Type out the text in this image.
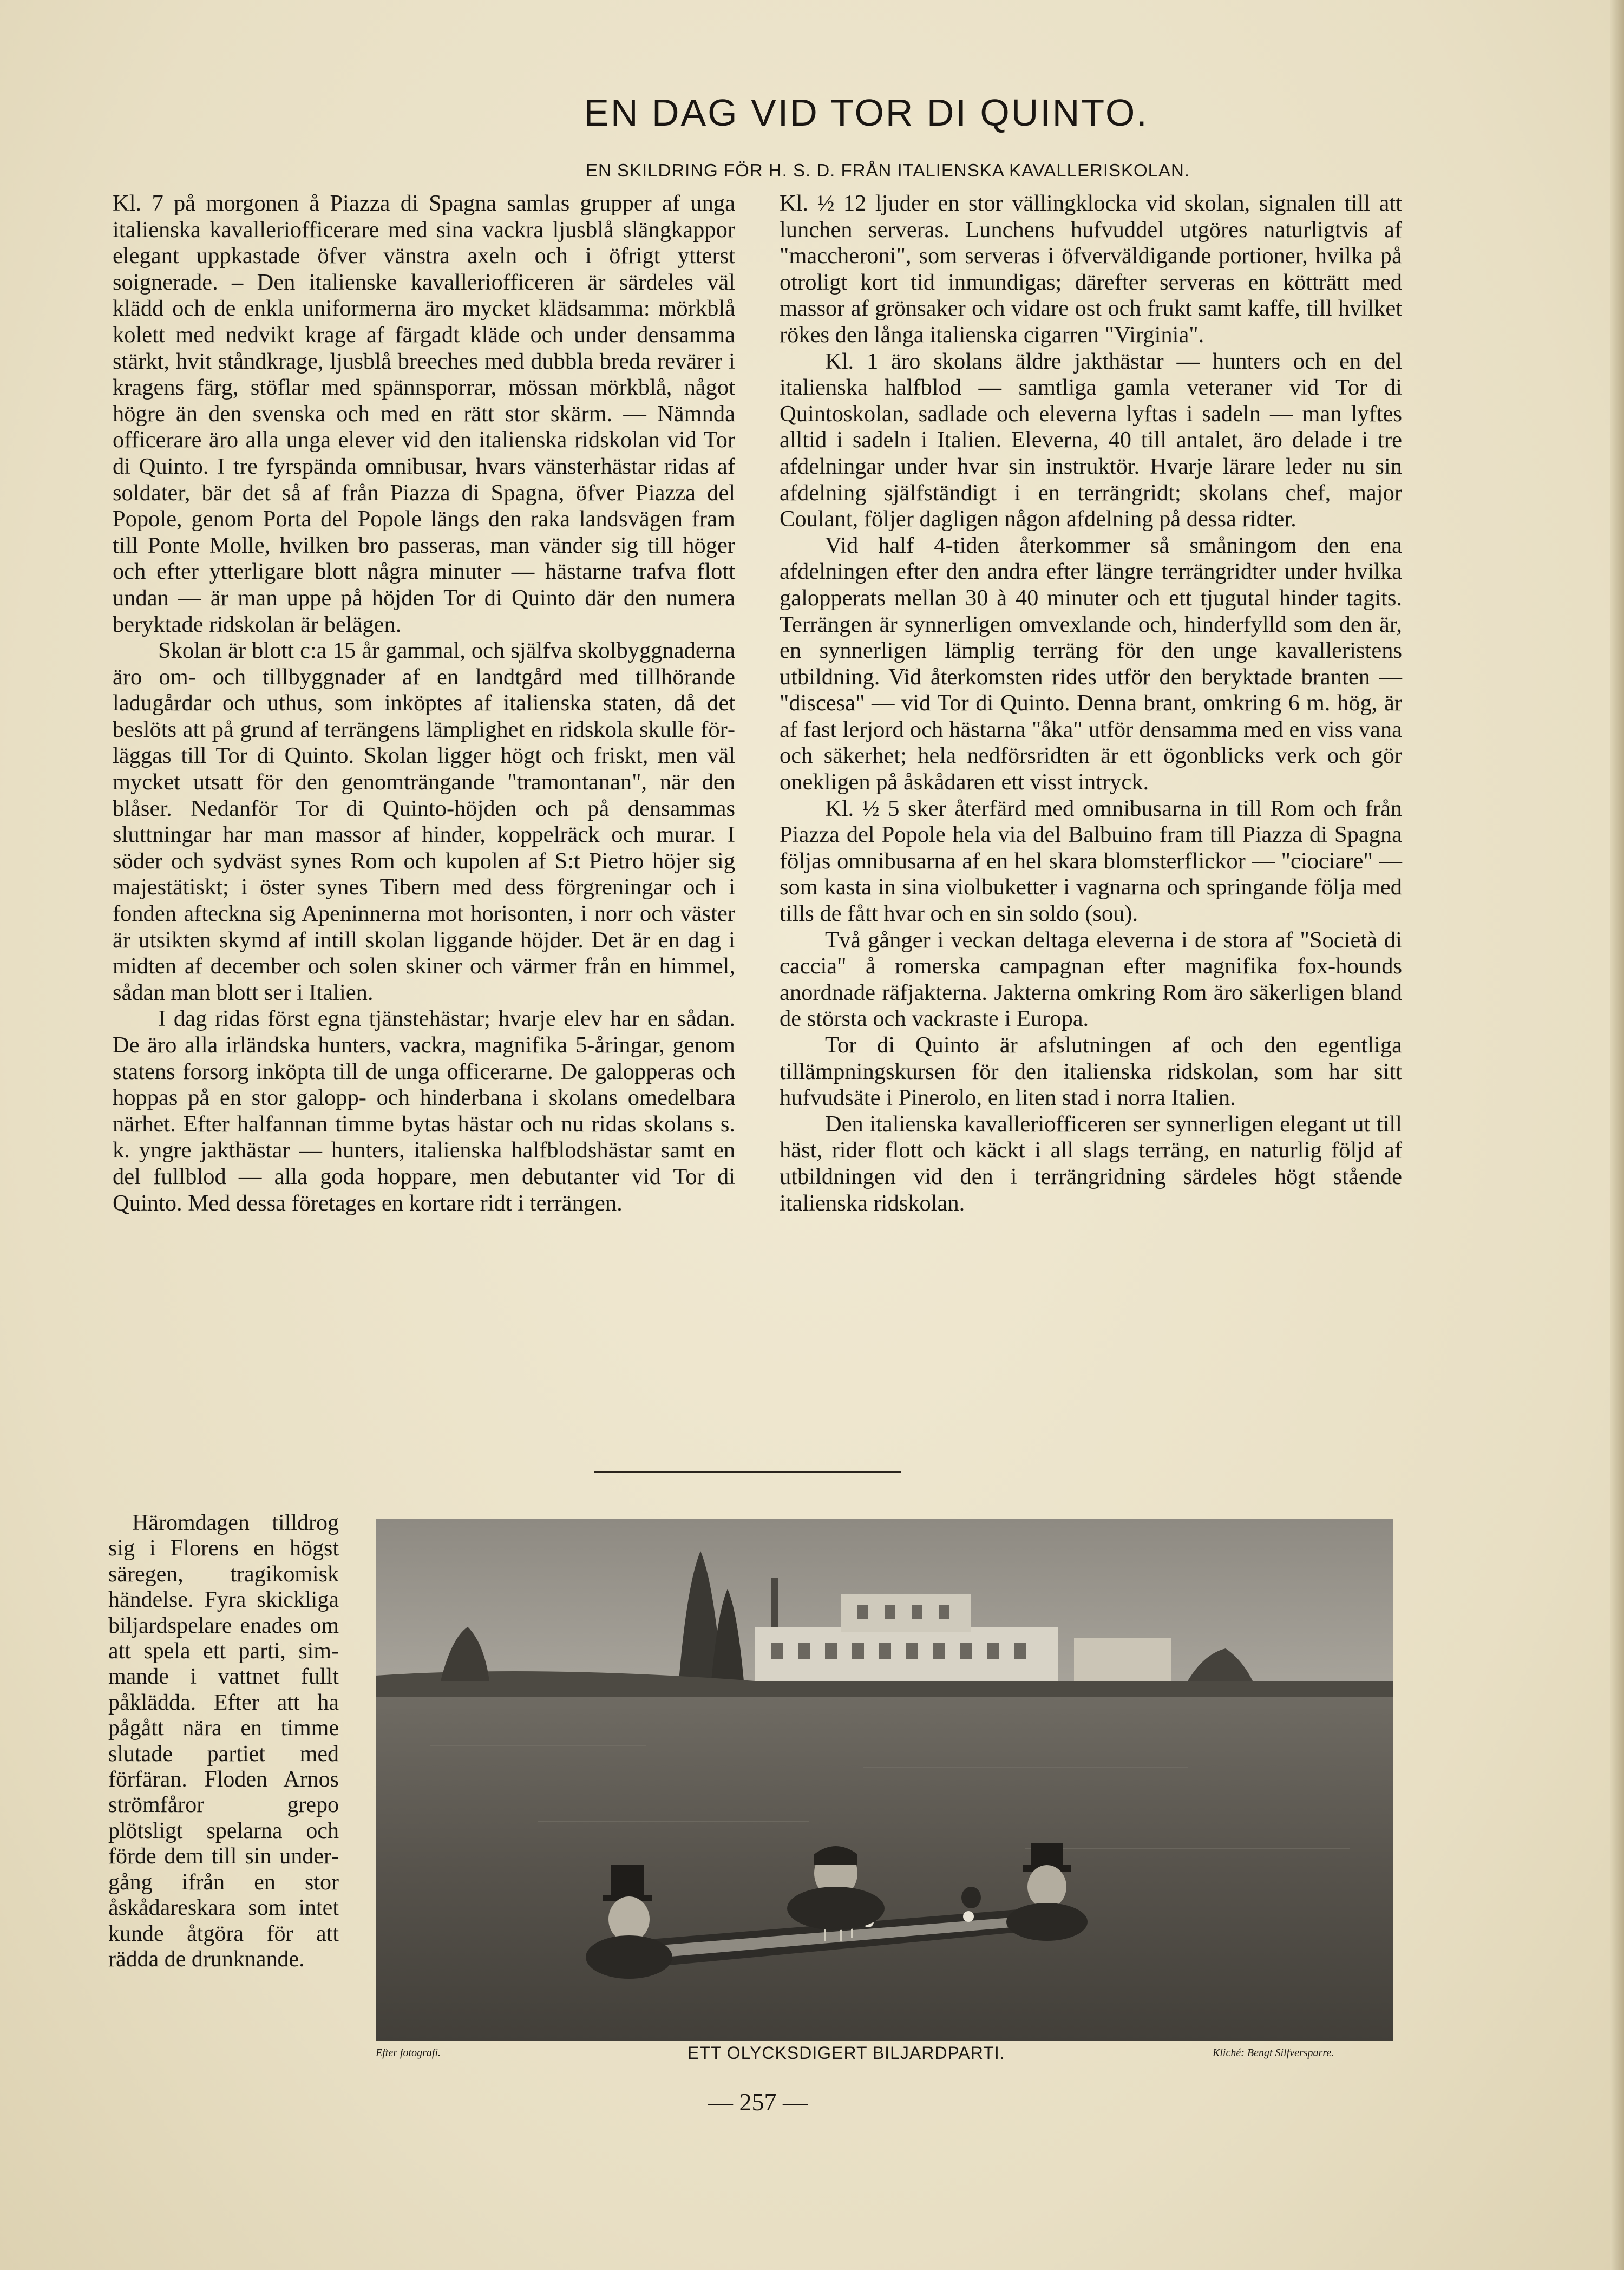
EN DAG VID TOR DI QUINTO.
EN SKILDRING FÖR H. S. D. FRÅN ITALIENSKA KAVALLERISKOLAN.

Kl. 7 på morgonen å Piazza di Spagna samlas grupper af unga italienska kavalleriofficerare med sina vackra ljusblå slängkappor elegant uppkastade öfver vänstra axeln och i öfrigt ytterst soignerade. – Den italienske kavalleriofficeren är särdeles väl klädd och de enkla uniformerna äro mycket klädsamma: mörkblå kolett med nedvikt krage af färgadt kläde och under densamma stärkt, hvit ståndkrage, ljusblå breeches med dubbla breda revärer i kragens färg, stöflar med spännsporrar, mössan mörkblå, något högre än den svenska och med en rätt stor skärm. — Nämnda officerare äro alla unga elever vid den italienska ridskolan vid Tor di Quinto. I tre fyrspända omnibusar, hvars vänsterhästar ridas af soldater, bär det så af från Piazza di Spagna, öfver Piazza del Popole, genom Porta del Popole längs den raka landsvägen fram till Ponte Molle, hvilken bro passeras, man vänder sig till höger och efter ytterligare blott några minuter — hästarne trafva flott undan — är man uppe på höjden Tor di Quinto där den numera beryktade ridskolan är belägen.

Skolan är blott c:a 15 år gammal, och själfva skolbyggnaderna äro om- och tillbyggnader af en landtgård med tillhörande ladugårdar och uthus, som inköptes af italienska staten, då det beslöts att på grund af terrängens lämplighet en ridskola skulle förläggas till Tor di Quinto. Skolan ligger högt och friskt, men väl mycket utsatt för den genomträngande "tramontanan", när den blåser. Nedanför Tor di Quinto-höjden och på densammas sluttningar har man massor af hinder, koppelräck och murar. I söder och sydväst synes Rom och kupolen af S:t Pietro höjer sig majestätiskt; i öster synes Tibern med dess förgreningar och i fonden afteckna sig Apeninnerna mot horisonten, i norr och väster är utsikten skymd af intill skolan liggande höjder. Det är en dag i midten af december och solen skiner och värmer från en himmel, sådan man blott ser i Italien.

I dag ridas först egna tjänstehästar; hvarje elev har en sådan. De äro alla irländska hunters, vackra, magnifika 5-åringar, genom statens forsorg inköpta till de unga officerarne. De galopperas och hoppas på en stor galopp- och hinderbana i skolans omedelbara närhet. Efter halfannan timme bytas hästar och nu ridas skolans s. k. yngre jakthästar — hunters, italienska halfblodshästar samt en del fullblod — alla goda hoppare, men debutanter vid Tor di Quinto. Med dessa företages en kortare ridt i terrängen.

Kl. ½ 12 ljuder en stor vällingklocka vid skolan, signalen till att lunchen serveras. Lunchens hufvuddel utgöres naturligtvis af "maccheroni", som serveras i öfverväldigande portioner, hvilka på otroligt kort tid inmundigas; därefter serveras en kötträtt med massor af grönsaker och vidare ost och frukt samt kaffe, till hvilket rökes den långa italienska cigarren "Virginia".

Kl. 1 äro skolans äldre jakthästar — hunters och en del italienska halfblod — samtliga gamla veteraner vid Tor di Quintoskolan, sadlade och eleverna lyftas i sadeln — man lyftes alltid i sadeln i Italien. Eleverna, 40 till antalet, äro delade i tre afdelningar under hvar sin instruktör. Hvarje lärare leder nu sin afdelning själfständigt i en terrängridt; skolans chef, major Coulant, följer dagligen någon afdelning på dessa ridter.

Vid half 4-tiden återkommer så småningom den ena afdelningen efter den andra efter längre terrängridter under hvilka galopperats mellan 30 à 40 minuter och ett tjugutal hinder tagits. Terrängen är synnerligen omvexlande och, hinderfylld som den är, en synnerligen lämplig terräng för den unge kavalleristens utbildning. Vid återkomsten rides utför den beryktade branten — "discesa" — vid Tor di Quinto. Denna brant, omkring 6 m. hög, är af fast lerjord och hästarna "åka" utför densamma med en viss vana och säkerhet; hela nedförsridten är ett ögonblicks verk och gör onekligen på åskådaren ett visst intryck.

Kl. ½ 5 sker återfärd med omnibusarna in till Rom och från Piazza del Popole hela via del Balbuino fram till Piazza di Spagna följas omnibusarna af en hel skara blomsterflickor — "ciociare" — som kasta in sina violbuketter i vagnarna och springande följa med tills de fått hvar och en sin soldo (sou).

Två gånger i veckan deltaga eleverna i de stora af "Società di caccia" å romerska campagnan efter magnifika fox-hounds anordnade räfjakterna. Jakterna omkring Rom äro säkerligen bland de största och vackraste i Europa.

Tor di Quinto är afslutningen af och den egentliga tillämpningskursen för den italienska ridskolan, som har sitt hufvudsäte i Pinerolo, en liten stad i norra Italien.

Den italienska kavalleriofficeren ser synnerligen elegant ut till häst, rider flott och käckt i all slags terräng, en naturlig följd af utbildningen vid den i terrängridning särdeles högt stående italienska ridskolan.

Häromdagen tilldrog sig i Florens en högst säregen, tragikomisk händelse. Fyra skickliga biljardspelare enades om att spela ett parti, simmande i vattnet fullt påklädda. Efter att ha pågått nära en timme slutade partiet med förfäran. Floden Arnos strömfåror grepo plötsligt spelarna och förde dem till sin undergång ifrån en stor åskådareskara som intet kunde åtgöra för att rädda de drunknande.

Efter fotografi.	ETT OLYCKSDIGERT BILJARDPARTI.	Kliché: Bengt Silfversparre.
— 257 —
